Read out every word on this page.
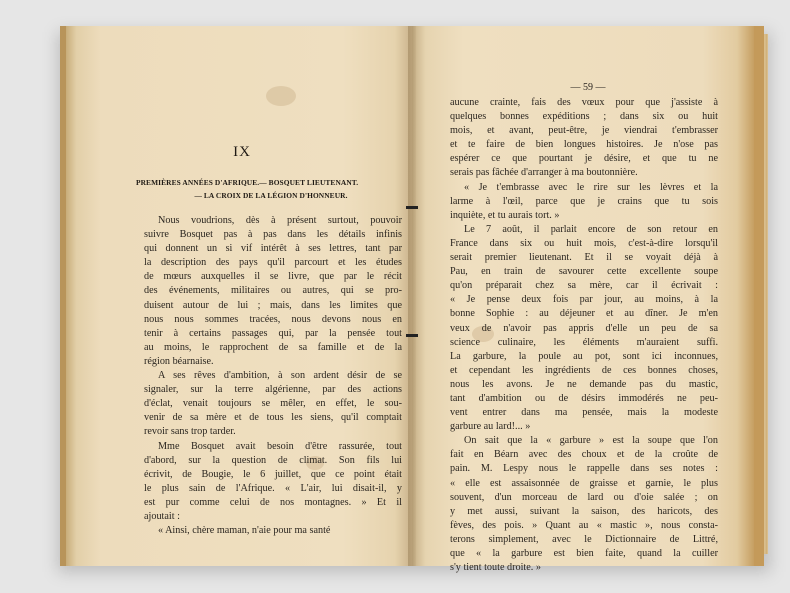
IX
PREMIÈRES ANNÉES D'AFRIQUE.— BOSQUET LIEUTENANT.
— LA CROIX DE LA LÉGION D'HONNEUR.
Nous voudrions, dès à présent surtout, pouvoir
suivre Bosquet pas à pas dans les détails infinis
qui donnent un si vif intérêt à ses lettres, tant par
la description des pays qu'il parcourt et les études
de mœurs auxquelles il se livre, que par le récit
des événements, militaires ou autres, qui se pro-
duisent autour de lui ; mais, dans les limites que
nous nous sommes tracées, nous devons nous en
tenir à certains passages qui, par la pensée tout
au moins, le rapprochent de sa famille et de la
région béarnaise.
A ses rêves d'ambition, à son ardent désir de se
signaler, sur la terre algérienne, par des actions
d'éclat, venait toujours se mêler, en effet, le sou-
venir de sa mère et de tous les siens, qu'il comptait
revoir sans trop tarder.
Mme Bosquet avait besoin d'être rassurée, tout
d'abord, sur la question de climat. Son fils lui
écrivit, de Bougie, le 6 juillet, que ce point était
le plus sain de l'Afrique. « L'air, lui disait-il, y
est pur comme celui de nos montagnes. » Et il
ajoutait :
« Ainsi, chère maman, n'aie pour ma santé
— 59 —
aucune crainte, fais des vœux pour que j'assiste à
quelques bonnes expéditions ; dans six ou huit
mois, et avant, peut-être, je viendrai t'embrasser
et te faire de bien longues histoires. Je n'ose pas
espérer ce que pourtant je désire, et que tu ne
serais pas fâchée d'arranger à ma boutonnière.
« Je t'embrasse avec le rire sur les lèvres et la
larme à l'œil, parce que je crains que tu sois
inquiète, et tu aurais tort. »
Le 7 août, il parlait encore de son retour en
France dans six ou huit mois, c'est-à-dire lorsqu'il
serait premier lieutenant. Et il se voyait déjà à
Pau, en train de savourer cette excellente soupe
qu'on préparait chez sa mère, car il écrivait :
« Je pense deux fois par jour, au moins, à la
bonne Sophie : au déjeuner et au dîner. Je m'en
veux de n'avoir pas appris d'elle un peu de sa
science culinaire, les éléments m'auraient suffi.
La garbure, la poule au pot, sont ici inconnues,
et cependant les ingrédients de ces bonnes choses,
nous les avons. Je ne demande pas du mastic,
tant d'ambition ou de désirs immodérés ne peu-
vent entrer dans ma pensée, mais la modeste
garbure au lard!... »
On sait que la « garbure » est la soupe que l'on
fait en Béarn avec des choux et de la croûte de
pain. M. Lespy nous le rappelle dans ses notes :
« elle est assaisonnée de graisse et garnie, le plus
souvent, d'un morceau de lard ou d'oie salée ; on
y met aussi, suivant la saison, des haricots, des
fèves, des pois. » Quant au « mastic », nous consta-
terons simplement, avec le Dictionnaire de Littré,
que « la garbure est bien faite, quand la cuiller
s'y tient toute droite. »
